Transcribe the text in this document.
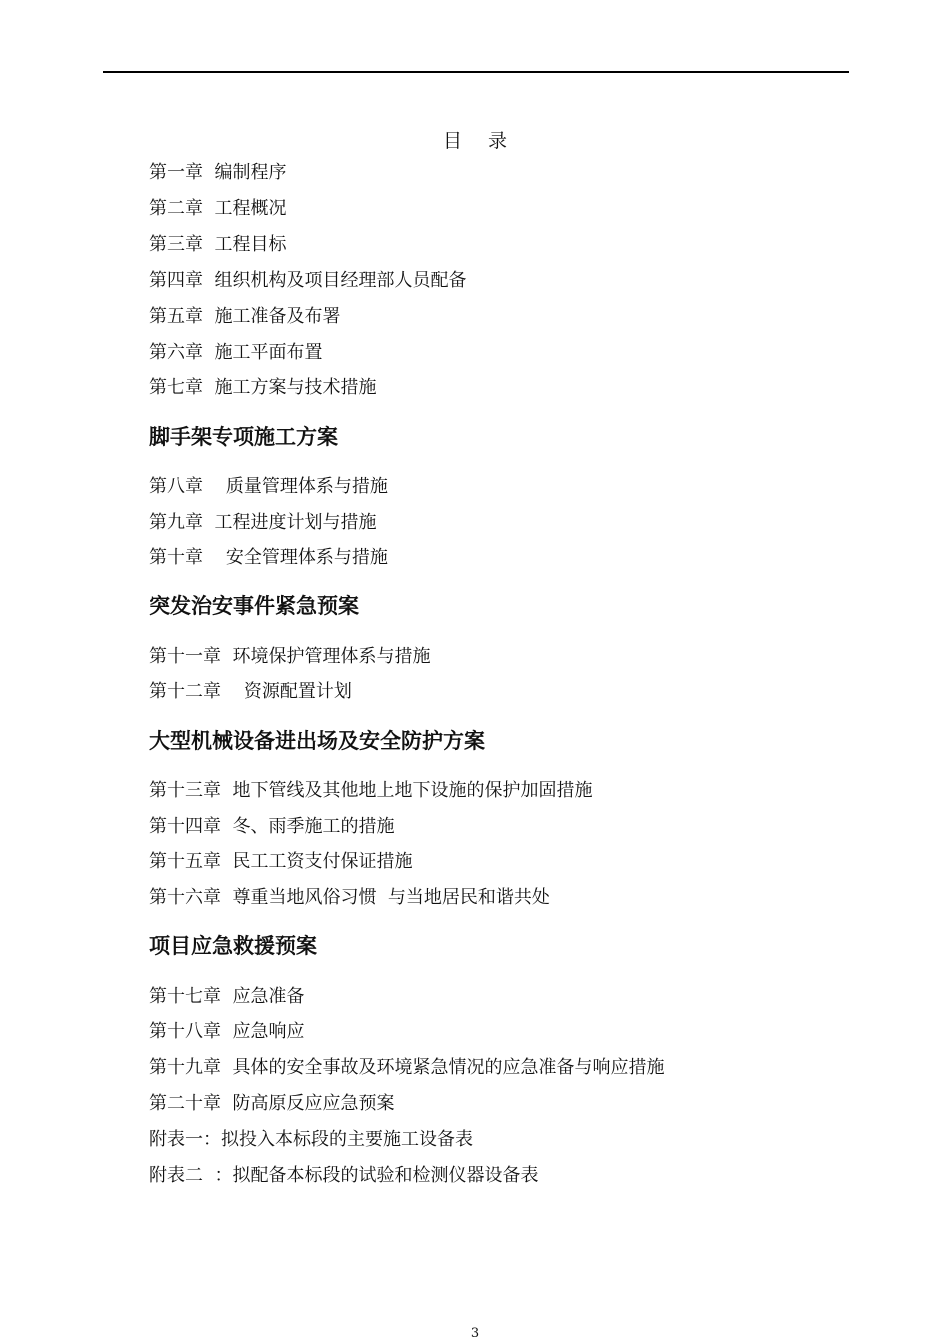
目 录
第一章  编制程序
第二章  工程概况
第三章  工程目标
第四章  组织机构及项目经理部人员配备
第五章  施工准备及布署
第六章  施工平面布置
第七章  施工方案与技术措施
脚手架专项施工方案
第八章    质量管理体系与措施
第九章  工程进度计划与措施
第十章    安全管理体系与措施
突发治安事件紧急预案
第十一章  环境保护管理体系与措施
第十二章    资源配置计划
大型机械设备进出场及安全防护方案
第十三章  地下管线及其他地上地下设施的保护加固措施
第十四章  冬、雨季施工的措施
第十五章  民工工资支付保证措施
第十六章  尊重当地风俗习惯  与当地居民和谐共处
项目应急救援预案
第十七章  应急准备
第十八章  应急响应
第十九章  具体的安全事故及环境紧急情况的应急准备与响应措施
第二十章  防高原反应应急预案
附表一：拟投入本标段的主要施工设备表
附表二  ：拟配备本标段的试验和检测仪器设备表
3
